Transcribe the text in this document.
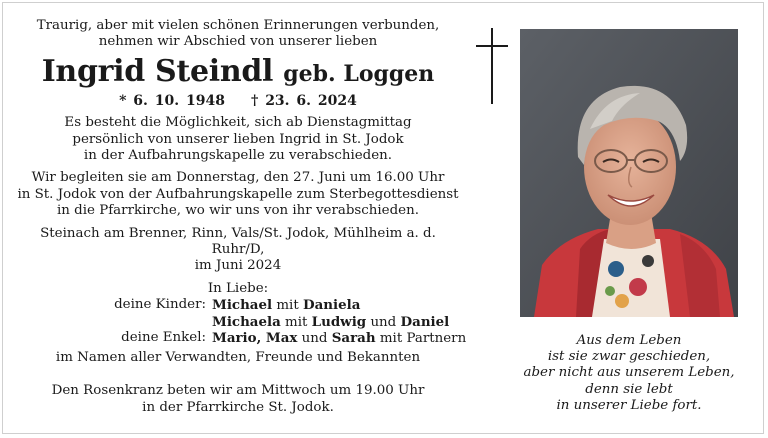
Traurig, aber mit vielen schönen Erinnerungen verbunden,

nehmen wir Abschied von unserer lieben

Ingrid Steindl geb. Loggen

* 6. 10. 1948 † 23. 6. 2024

Es besteht die Möglichkeit, sich ab Dienstagmittag

persönlich von unserer lieben Ingrid in St. Jodok

in der Aufbahrungskapelle zu verabschieden.

Wir begleiten sie am Donnerstag, den 27. Juni um 16.00 Uhr

in St. Jodok von der Aufbahrungskapelle zum Sterbegottesdienst

in die Pfarrkirche, wo wir uns von ihr verabschieden.

Steinach am Brenner, Rinn, Vals/St. Jodok, Mühlheim a. d. Ruhr/D,

im Juni 2024

In Liebe:

deine Kinder: Michael mit Daniela
Michaela mit Ludwig und Daniel
deine Enkel: Mario, Max und Sarah mit Partnern
im Namen aller Verwandten, Freunde und Bekannten

Den Rosenkranz beten wir am Mittwoch um 19.00 Uhr

in der Pfarrkirche St. Jodok.

Aus dem Leben
ist sie zwar geschieden,
aber nicht aus unserem Leben,
denn sie lebt
in unserer Liebe fort.
